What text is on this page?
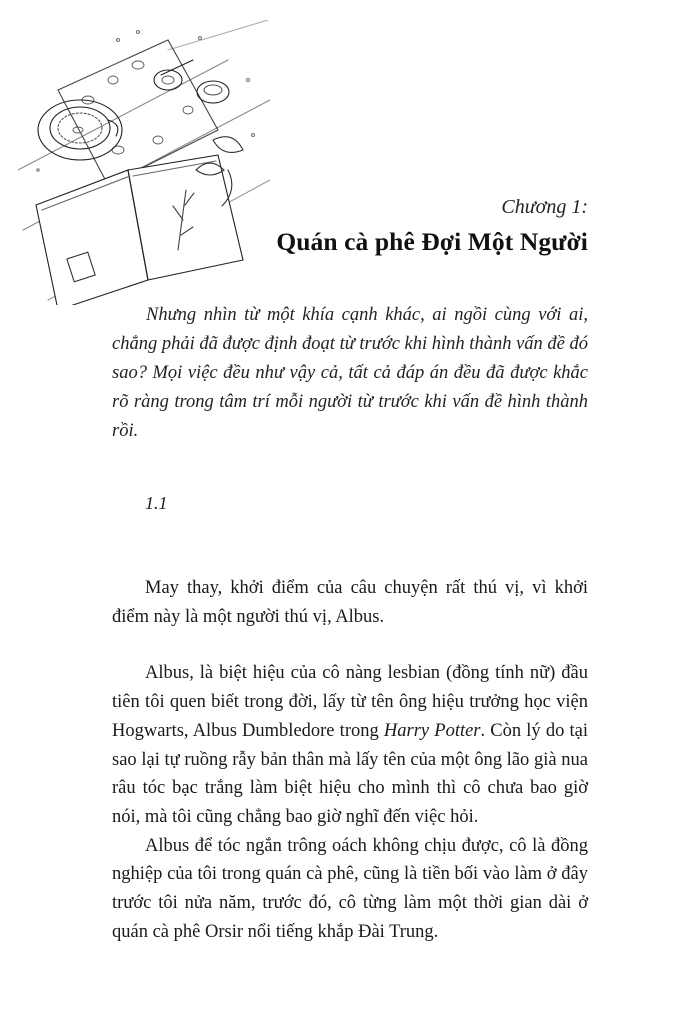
Chương 1:
Quán cà phê Đợi Một Người

Nhưng nhìn từ một khía cạnh khác, ai ngồi cùng với ai, chẳng phải đã được định đoạt từ trước khi hình thành vấn đề đó sao? Mọi việc đều như vậy cả, tất cả đáp án đều đã được khắc rõ ràng trong tâm trí mỗi người từ trước khi vấn đề hình thành rồi.

1.1

May thay, khởi điểm của câu chuyện rất thú vị, vì khởi điểm này là một người thú vị, Albus.

Albus, là biệt hiệu của cô nàng lesbian (đồng tính nữ) đầu tiên tôi quen biết trong đời, lấy từ tên ông hiệu trưởng học viện Hogwarts, Albus Dumbledore trong Harry Potter. Còn lý do tại sao lại tự ruồng rẫy bản thân mà lấy tên của một ông lão già nua râu tóc bạc trắng làm biệt hiệu cho mình thì cô chưa bao giờ nói, mà tôi cũng chẳng bao giờ nghĩ đến việc hỏi.

Albus để tóc ngắn trông oách không chịu được, cô là đồng nghiệp của tôi trong quán cà phê, cũng là tiền bối vào làm ở đây trước tôi nửa năm, trước đó, cô từng làm một thời gian dài ở quán cà phê Orsir nổi tiếng khắp Đài Trung.
